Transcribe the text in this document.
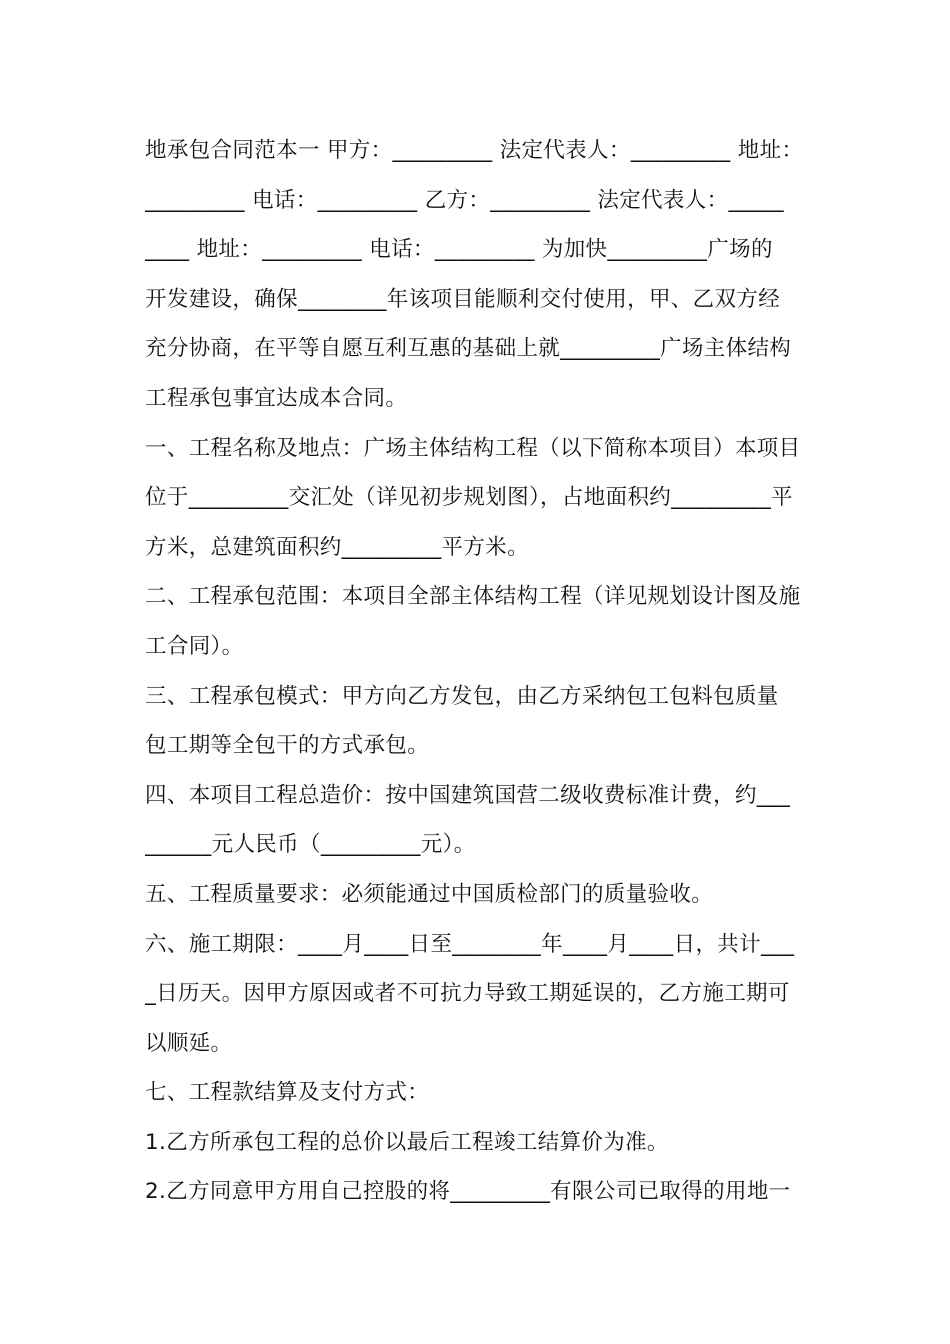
地承包合同范本一 甲方：_________ 法定代表人：_________ 地址：
_________ 电话：_________ 乙方：_________ 法定代表人：_____
____ 地址：_________ 电话：_________ 为加快_________广场的
开发建设，确保________年该项目能顺利交付使用，甲、乙双方经
充分协商，在平等自愿互利互惠的基础上就_________广场主体结构
工程承包事宜达成本合同。
一、工程名称及地点：广场主体结构工程（以下简称本项目）本项目
位于_________交汇处（详见初步规划图），占地面积约_________平
方米，总建筑面积约_________平方米。
二、工程承包范围：本项目全部主体结构工程（详见规划设计图及施
工合同）。
三、工程承包模式：甲方向乙方发包，由乙方采纳包工包料包质量
包工期等全包干的方式承包。
四、本项目工程总造价：按中国建筑国营二级收费标准计费，约___
______元人民币（_________元）。
五、工程质量要求：必须能通过中国质检部门的质量验收。
六、施工期限：____月____日至________年____月____日，共计___
_日历天。因甲方原因或者不可抗力导致工期延误的，乙方施工期可
以顺延。
七、工程款结算及支付方式：
1.乙方所承包工程的总价以最后工程竣工结算价为准。
2.乙方同意甲方用自己控股的将_________有限公司已取得的用地一
